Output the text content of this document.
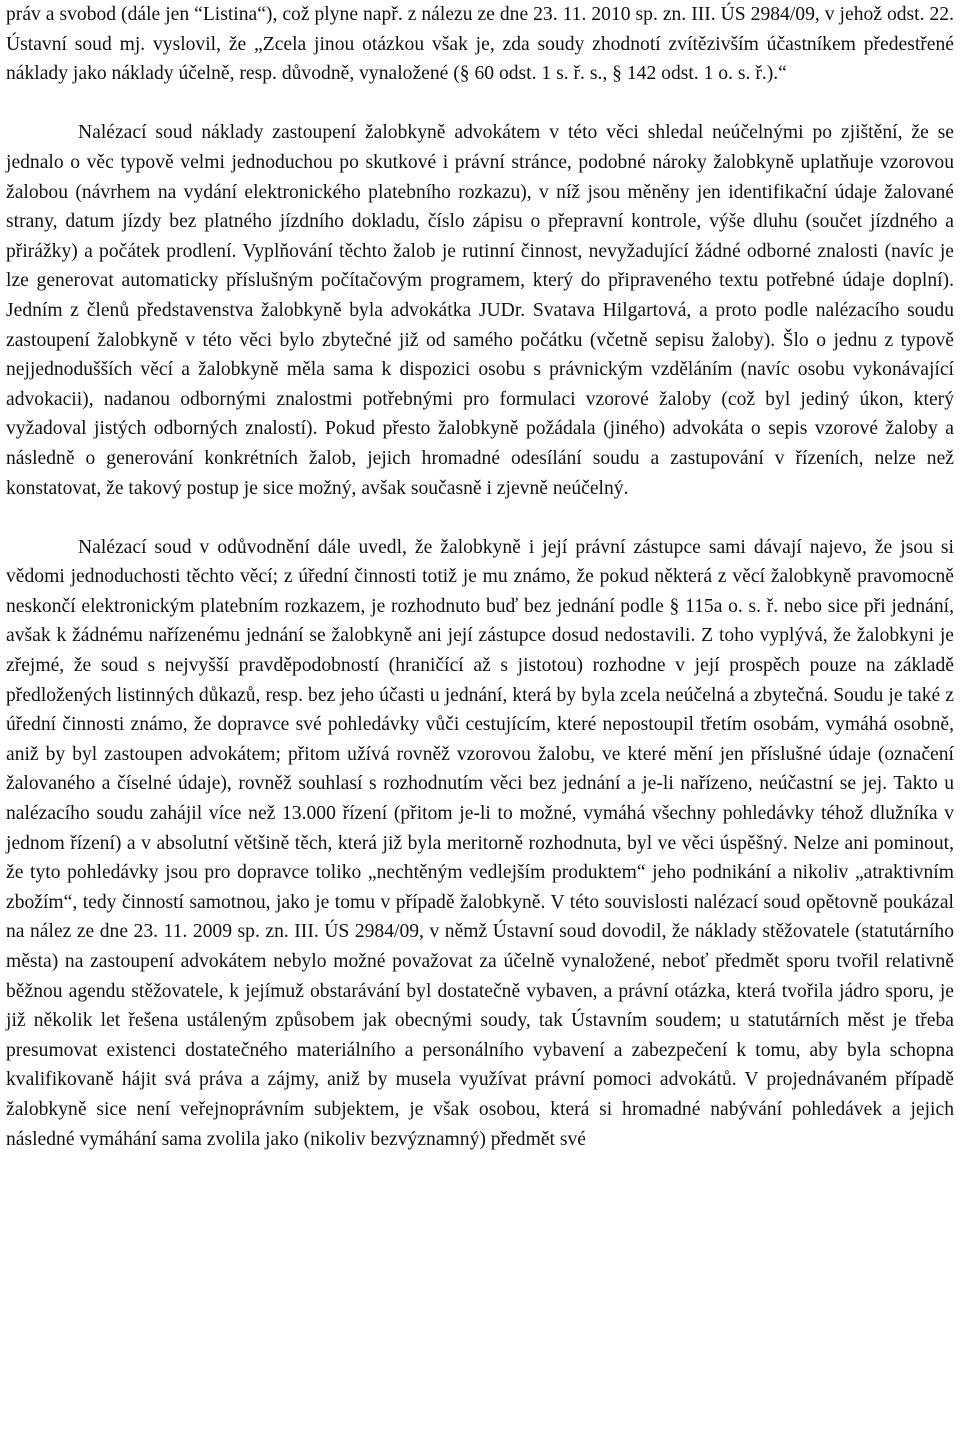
práv a svobod (dále jen “Listina“), což plyne např. z nálezu ze dne 23. 11. 2010 sp. zn. III. ÚS 2984/09, v jehož odst. 22. Ústavní soud mj. vyslovil, že „Zcela jinou otázkou však je, zda soudy zhodnotí zvítězivším účastníkem předestřené náklady jako náklady účelně, resp. důvodně, vynaložené (§ 60 odst. 1 s. ř. s., § 142 odst. 1 o. s. ř.).“

Nalézací soud náklady zastoupení žalobkyně advokátem v této věci shledal neúčelnými po zjištění, že se jednalo o věc typově velmi jednoduchou po skutkové i právní stránce, podobné nároky žalobkyně uplatňuje vzorovou žalobou (návrhem na vydání elektronického platebního rozkazu), v níž jsou měněny jen identifikační údaje žalované strany, datum jízdy bez platného jízdního dokladu, číslo zápisu o přepravní kontrole, výše dluhu (součet jízdného a přirážky) a počátek prodlení. Vyplňování těchto žalob je rutinní činnost, nevyžadující žádné odborné znalosti (navíc je lze generovat automaticky příslušným počítačovým programem, který do připraveného textu potřebné údaje doplní). Jedním z členů představenstva žalobkyně byla advokátka JUDr. Svatava Hilgartová, a proto podle nalézacího soudu zastoupení žalobkyně v této věci bylo zbytečné již od samého počátku (včetně sepisu žaloby). Šlo o jednu z typově nejjednodušších věcí a žalobkyně měla sama k dispozici osobu s právnickým vzděláním (navíc osobu vykonávající advokacii), nadanou odbornými znalostmi potřebnými pro formulaci vzorové žaloby (což byl jediný úkon, který vyžadoval jistých odborných znalostí). Pokud přesto žalobkyně požádala (jiného) advokáta o sepis vzorové žaloby a následně o generování konkrétních žalob, jejich hromadné odesílání soudu a zastupování v řízeních, nelze než konstatovat, že takový postup je sice možný, avšak současně i zjevně neúčelný.

Nalézací soud v odůvodnění dále uvedl, že žalobkyně i její právní zástupce sami dávají najevo, že jsou si vědomi jednoduchosti těchto věcí; z úřední činnosti totiž je mu známo, že pokud některá z věcí žalobkyně pravomocně neskončí elektronickým platebním rozkazem, je rozhodnuto buď bez jednání podle § 115a o. s. ř. nebo sice při jednání, avšak k žádnému nařízenému jednání se žalobkyně ani její zástupce dosud nedostavili. Z toho vyplývá, že žalobkyni je zřejmé, že soud s nejvyšší pravděpodobností (hraničící až s jistotou) rozhodne v její prospěch pouze na základě předložených listinných důkazů, resp. bez jeho účasti u jednání, která by byla zcela neúčelná a zbytečná. Soudu je také z úřední činnosti známo, že dopravce své pohledávky vůči cestujícím, které nepostoupil třetím osobám, vymáhá osobně, aniž by byl zastoupen advokátem; přitom užívá rovněž vzorovou žalobu, ve které mění jen příslušné údaje (označení žalovaného a číselné údaje), rovněž souhlasí s rozhodnutím věci bez jednání a je-li nařízeno, neúčastní se jej. Takto u nalézacího soudu zahájil více než 13.000 řízení (přitom je-li to možné, vymáhá všechny pohledávky téhož dlužníka v jednom řízení) a v absolutní většině těch, která již byla meritorně rozhodnuta, byl ve věci úspěšný. Nelze ani pominout, že tyto pohledávky jsou pro dopravce toliko „nechtěným vedlejším produktem“ jeho podnikání a nikoliv „atraktivním zbožím“, tedy činností samotnou, jako je tomu v případě žalobkyně. V této souvislosti nalézací soud opětovně poukázal na nález ze dne 23. 11. 2009 sp. zn. III. ÚS 2984/09, v němž Ústavní soud dovodil, že náklady stěžovatele (statutárního města) na zastoupení advokátem nebylo možné považovat za účelně vynaložené, neboť předmět sporu tvořil relativně běžnou agendu stěžovatele, k jejímuž obstarávání byl dostatečně vybaven, a právní otázka, která tvořila jádro sporu, je již několik let řešena ustáleným způsobem jak obecnými soudy, tak Ústavním soudem; u statutárních měst je třeba presumovat existenci dostatečného materiálního a personálního vybavení a zabezpečení k tomu, aby byla schopna kvalifikovaně hájit svá práva a zájmy, aniž by musela využívat právní pomoci advokátů. V projednávaném případě žalobkyně sice není veřejnoprávním subjektem, je však osobou, která si hromadné nabývání pohledávek a jejich následné vymáhání sama zvolila jako (nikoliv bezvýznamný) předmět své
